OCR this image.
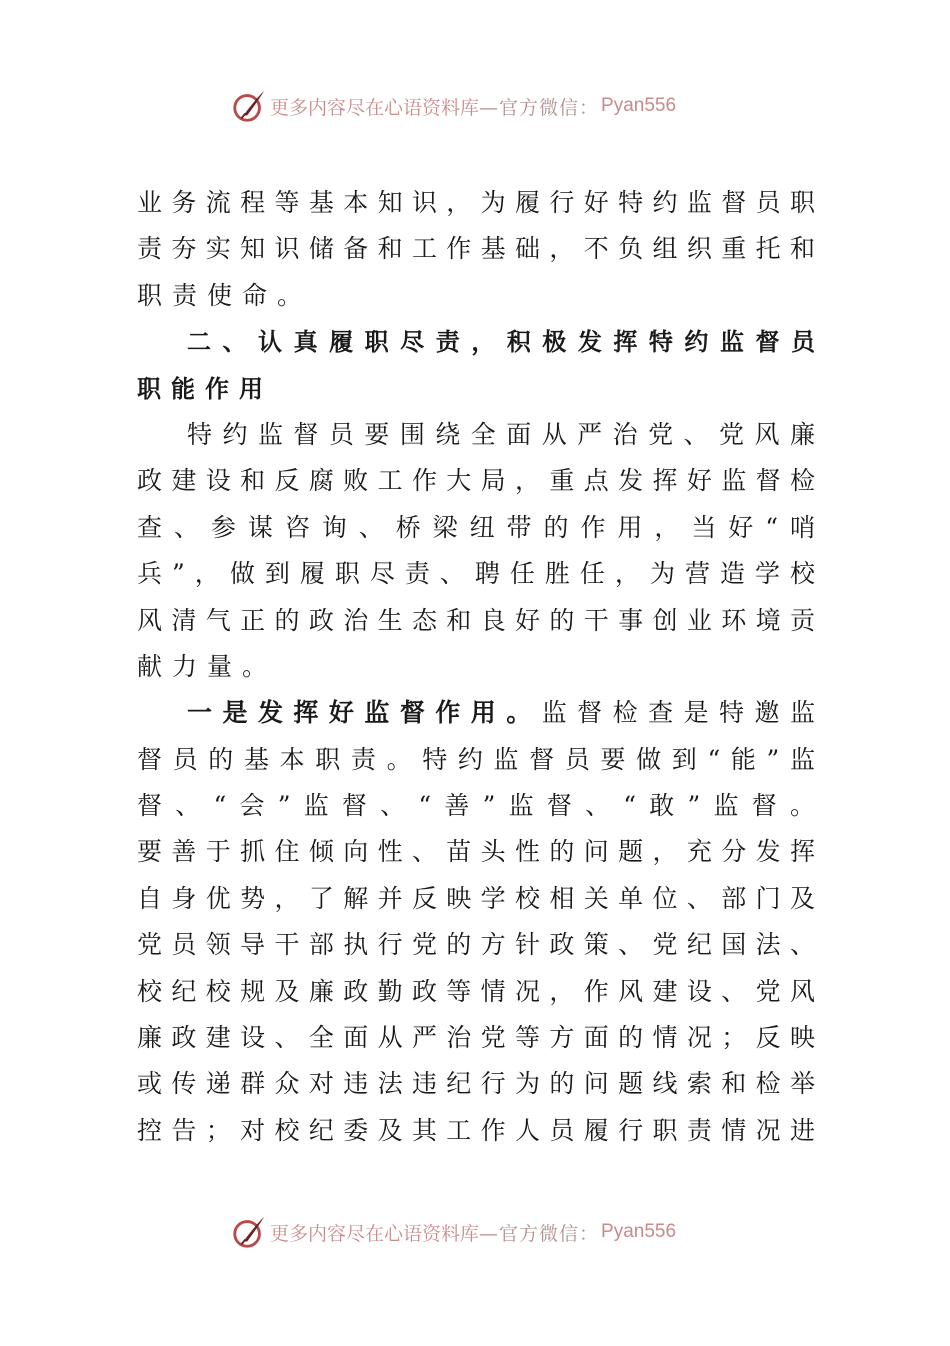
更多内容尽在心语资料库 —官方微信： Pyan556
业务流程等基本知识，为履行好特约监督员职
责夯实知识储备和工作基础，不负组织重托和
职责使命。
二、认真履职尽责，积极发挥特约监督员
职能作用
特约监督员要围绕全面从严治党、党风廉
政建设和反腐败工作大局，重点发挥好监督检
查、参谋咨询、桥梁纽带的作用，当好“哨
兵”，做到履职尽责、聘任胜任，为营造学校
风清气正的政治生态和良好的干事创业环境贡
献力量。
一是发挥好监督作用。监督检查是特邀监
督员的基本职责。特约监督员要做到“能”监
督、“会”监督、“善”监督、“敢”监督。
要善于抓住倾向性、苗头性的问题，充分发挥
自身优势，了解并反映学校相关单位、部门及
党员领导干部执行党的方针政策、党纪国法、
校纪校规及廉政勤政等情况，作风建设、党风
廉政建设、全面从严治党等方面的情况；反映
或传递群众对违法违纪行为的问题线索和检举
控告；对校纪委及其工作人员履行职责情况进
更多内容尽在心语资料库 —官方微信： Pyan556
